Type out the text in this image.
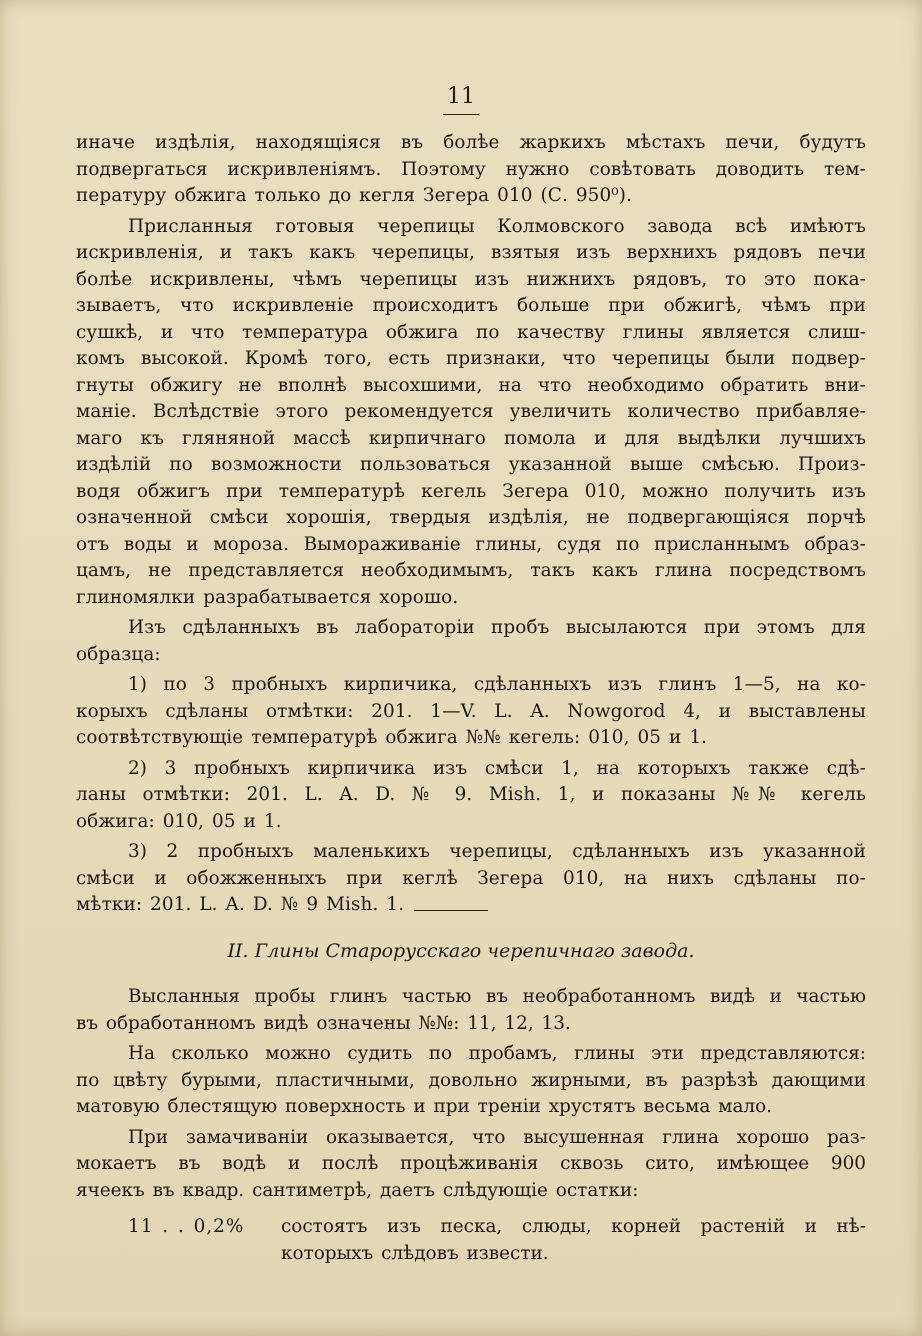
11

иначе издѣлія, находящіяся въ болѣе жаркихъ мѣстахъ печи, будутъ

подвергаться искривленіямъ. Поэтому нужно совѣтовать доводить тем-

пературу обжига только до кегля Зегера 010 (С. 950⁰).

Присланныя готовыя черепицы Колмовского завода всѣ имѣютъ

искривленія, и такъ какъ черепицы, взятыя изъ верхнихъ рядовъ печи

болѣе искривлены, чѣмъ черепицы изъ нижнихъ рядовъ, то это пока-

зываетъ, что искривленіе происходитъ больше при обжигѣ, чѣмъ при

сушкѣ, и что температура обжига по качеству глины является слиш-

комъ высокой. Кромѣ того, есть признаки, что черепицы были подвер-

гнуты обжигу не вполнѣ высохшими, на что необходимо обратить вни-

маніе. Вслѣдствіе этого рекомендуется увеличить количество прибавляе-

маго къ гляняной массѣ кирпичнаго помола и для выдѣлки лучшихъ

издѣлій по возможности пользоваться указанной выше смѣсью. Произ-

водя обжигъ при температурѣ кегель Зегера 010, можно получить изъ

означенной смѣси хорошія, твердыя издѣлія, не подвергающіяся порчѣ

отъ воды и мороза. Вымораживаніе глины, судя по присланнымъ образ-

цамъ, не представляется необходимымъ, такъ какъ глина посредствомъ

глиномялки разрабатывается хорошо.

Изъ сдѣланныхъ въ лабораторіи пробъ высылаются при этомъ для

образца:

1) по 3 пробныхъ кирпичика, сдѣланныхъ изъ глинъ 1—5, на ко-

корыхъ сдѣланы отмѣтки: 201. 1—V. L. A. Nowgorod 4, и выставлены

соотвѣтствующіе температурѣ обжига №№ кегель: 010, 05 и 1.

2) 3 пробныхъ кирпичика изъ смѣси 1, на которыхъ также сдѣ-

ланы отмѣтки: 201. L. A. D. № 9. Mish. 1, и показаны №№ кегель

обжига: 010, 05 и 1.

3) 2 пробныхъ маленькихъ черепицы, сдѣланныхъ изъ указанной

смѣси и обожженныхъ при кеглѣ Зегера 010, на нихъ сдѣланы по-

мѣтки: 201. L. A. D. № 9 Mish. 1.

II. Глины Старорусскаго черепичнаго завода.

Высланныя пробы глинъ частью въ необработанномъ видѣ и частью

въ обработанномъ видѣ означены №№: 11, 12, 13.

На сколько можно судить по пробамъ, глины эти представляются:

по цвѣту бурыми, пластичными, довольно жирными, въ разрѣзѣ дающими

матовую блестящую поверхность и при треніи хрустятъ весьма мало.

При замачиваніи оказывается, что высушенная глина хорошо раз-

мокаетъ въ водѣ и послѣ процѣживанія сквозь сито, имѣющее 900

ячеекъ въ квадр. сантиметрѣ, даетъ слѣдующіе остатки:

11 . . 0,2%	состоятъ изъ песка, слюды, корней растеній и нѣ-
которыхъ слѣдовъ извести.
